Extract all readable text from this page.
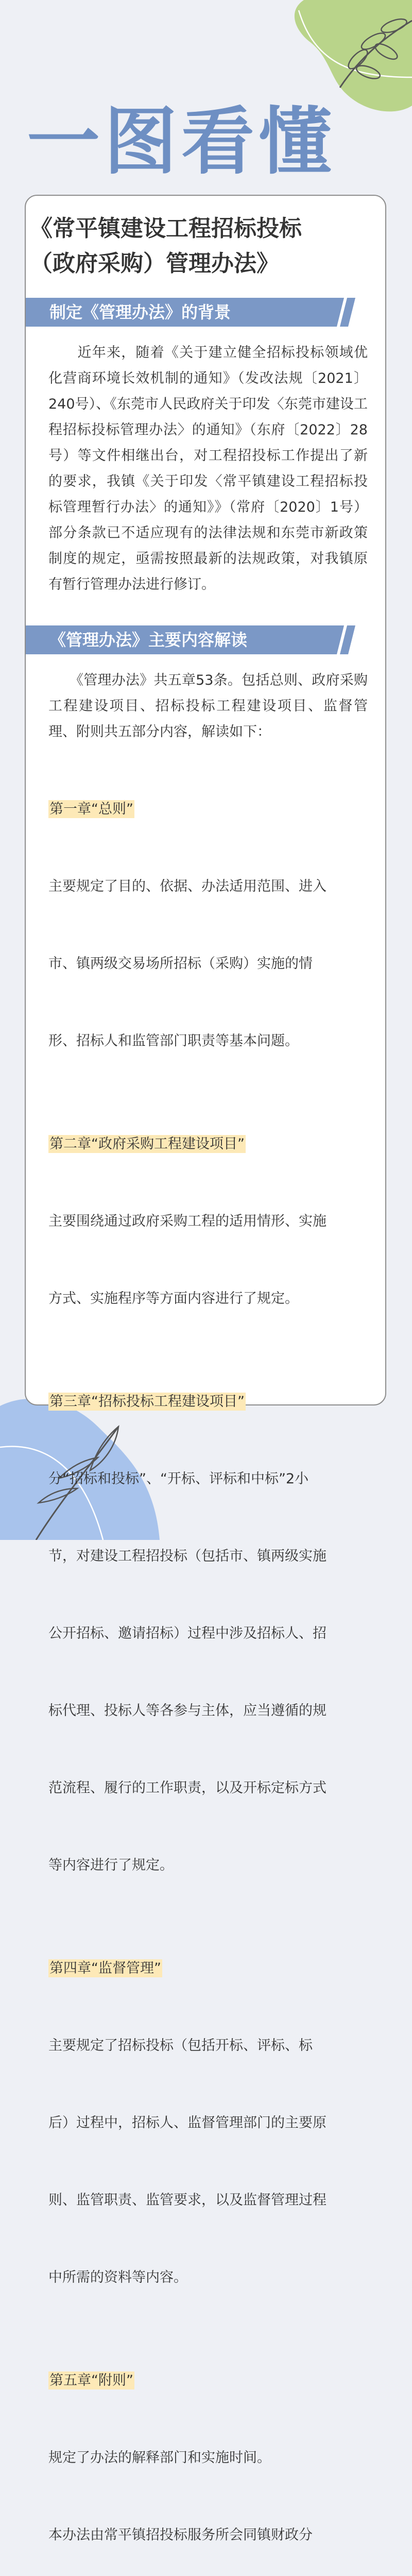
一图看懂
《常平镇建设工程招标投标
（政府采购）管理办法》
制定《管理办法》的背景
　　近年来，随着《关于建立健全招标投标领域优化营商环境长效机制的通知》（发改法规〔2021〕240号）、《东莞市人民政府关于印发〈东莞市建设工程招标投标管理办法〉的通知》（东府〔2022〕28号）等文件相继出台，对工程招投标工作提出了新的要求，我镇《关于印发〈常平镇建设工程招标投标管理暂行办法〉的通知》》（常府〔2020〕1号）部分条款已不适应现有的法律法规和东莞市新政策制度的规定，亟需按照最新的法规政策，对我镇原有暂行管理办法进行修订。
《管理办法》主要内容解读
　　《管理办法》共五章53条。包括总则、政府采购工程建设项目、招标投标工程建设项目、监督管理、附则共五部分内容，解读如下：

第一章“总则”

主要规定了目的、依据、办法适用范围、进入

市、镇两级交易场所招标（采购）实施的情

形、招标人和监管部门职责等基本问题。

第二章“政府采购工程建设项目”

主要围绕通过政府采购工程的适用情形、实施

方式、实施程序等方面内容进行了规定。

第三章“招标投标工程建设项目”

分“招标和投标”、“开标、评标和中标”2小

节，对建设工程招投标（包括市、镇两级实施

公开招标、邀请招标）过程中涉及招标人、招

标代理、投标人等各参与主体，应当遵循的规

范流程、履行的工作职责，以及开标定标方式

等内容进行了规定。

第四章“监督管理”

主要规定了招标投标（包括开标、评标、标

后）过程中，招标人、监督管理部门的主要原

则、监管职责、监管要求，以及监督管理过程

中所需的资料等内容。

第五章“附则”

规定了办法的解释部门和实施时间。

本办法由常平镇招投标服务所会同镇财政分
